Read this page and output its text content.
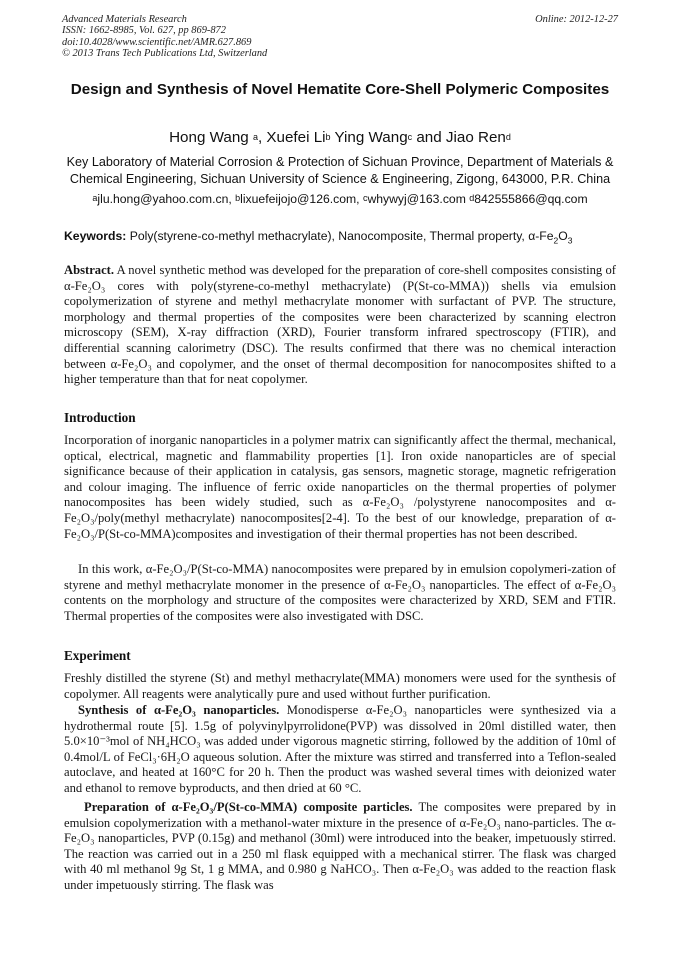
Advanced Materials Research
ISSN: 1662-8985, Vol. 627, pp 869-872
doi:10.4028/www.scientific.net/AMR.627.869
© 2013 Trans Tech Publications Ltd, Switzerland
Online: 2012-12-27
Design and Synthesis of Novel Hematite Core-Shell Polymeric Composites
Hong Wang $^a$, Xuefei Li$^b$ Ying Wang$^c$ and Jiao Ren$^d$
Key Laboratory of Material Corrosion & Protection of Sichuan Province, Department of Materials & Chemical Engineering, Sichuan University of Science & Engineering, Zigong, 643000, P.R. China
$^a$jlu.hong@yahoo.com.cn, $^b$lixuefeijojo@126.com, $^c$whywyj@163.com $^d$842555866@qq.com
Keywords: Poly(styrene-co-methyl methacrylate), Nanocomposite, Thermal property, $\alpha-Fe_2O_3$
Abstract. A novel synthetic method was developed for the preparation of core-shell composites consisting of α-Fe₂O₃ cores with poly(styrene-co-methyl methacrylate) (P(St-co-MMA)) shells via emulsion copolymerization of styrene and methyl methacrylate monomer with surfactant of PVP. The structure, morphology and thermal properties of the composites were been characterized by scanning electron microscopy (SEM), X-ray diffraction (XRD), Fourier transform infrared spectroscopy (FTIR), and differential scanning calorimetry (DSC). The results confirmed that there was no chemical interaction between α-Fe₂O₃ and copolymer, and the onset of thermal decomposition for nanocomposites shifted to a higher temperature than that for neat copolymer.
Introduction
Incorporation of inorganic nanoparticles in a polymer matrix can significantly affect the thermal, mechanical, optical, electrical, magnetic and flammability properties [1]. Iron oxide nanoparticles are of special significance because of their application in catalysis, gas sensors, magnetic storage, magnetic refrigeration and colour imaging. The influence of ferric oxide nanoparticles on the thermal properties of polymer nanocomposites has been widely studied, such as α-Fe₂O₃ /polystyrene nanocomposites and α-Fe₂O₃/poly(methyl methacrylate) nanocomposites[2-4]. To the best of our knowledge, preparation of α-Fe₂O₃/P(St-co-MMA)composites and investigation of their thermal properties has not been described.
In this work, α-Fe₂O₃/P(St-co-MMA) nanocomposites were prepared by in emulsion copolymeri-zation of styrene and methyl methacrylate monomer in the presence of α-Fe₂O₃ nanoparticles. The effect of α-Fe₂O₃ contents on the morphology and structure of the composites were characterized by XRD, SEM and FTIR. Thermal properties of the composites were also investigated with DSC.
Experiment
Freshly distilled the styrene (St) and methyl methacrylate(MMA) monomers were used for the synthesis of copolymer. All reagents were analytically pure and used without further purification.
Synthesis of α-Fe₂O₃ nanoparticles. Monodisperse α-Fe₂O₃ nanoparticles were synthesized via a hydrothermal route [5]. 1.5g of polyvinylpyrrolidone(PVP) was dissolved in 20ml distilled water, then 5.0×10⁻³mol of NH₄HCO₃ was added under vigorous magnetic stirring, followed by the addition of 10ml of 0.4mol/L of FeCl₃·6H₂O aqueous solution. After the mixture was stirred and transferred into a Teflon-sealed autoclave, and heated at 160°C for 20 h. Then the product was washed several times with deionized water and ethanol to remove byproducts, and then dried at 60 °C.
Preparation of α-Fe₂O₃/P(St-co-MMA) composite particles. The composites were prepared by in emulsion copolymerization with a methanol-water mixture in the presence of α-Fe₂O₃ nano-particles. The α-Fe₂O₃ nanoparticles, PVP (0.15g) and methanol (30ml) were introduced into the beaker, impetuously stirred. The reaction was carried out in a 250 ml flask equipped with a mechanical stirrer. The flask was charged with 40 ml methanol 9g St, 1 g MMA, and 0.980 g NaHCO₃. Then α-Fe₂O₃ was added to the reaction flask under impetuously stirring. The flask was
